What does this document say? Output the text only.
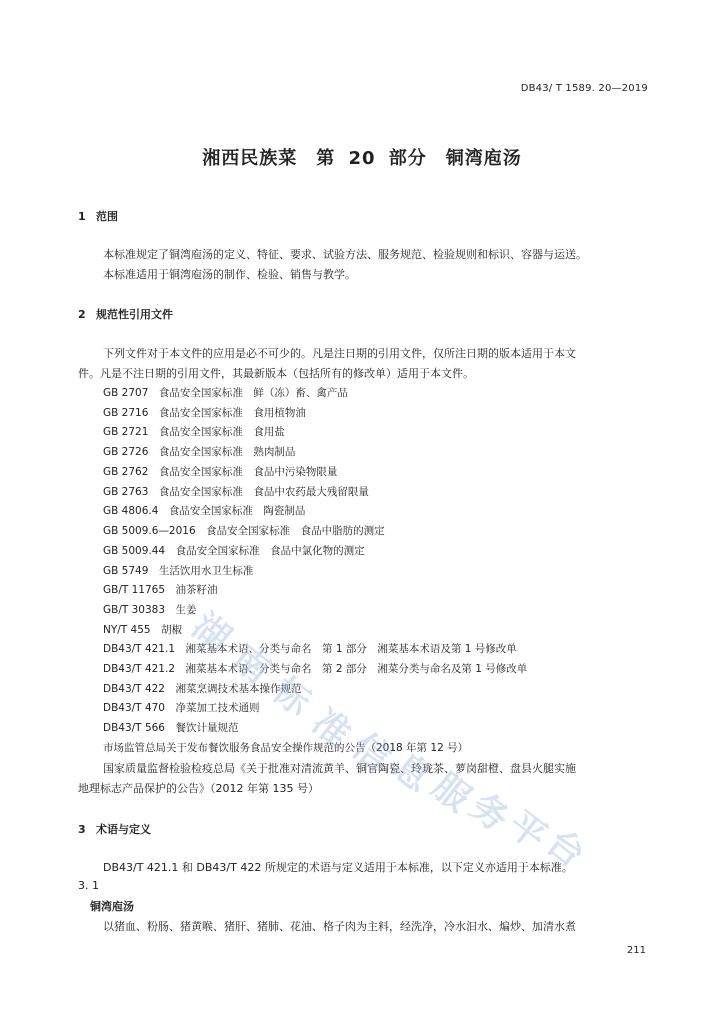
DB43/ T 1589. 20—2019
湘西民族菜　第 20 部分　铜湾庖汤
1 范围
本标准规定了铜湾庖汤的定义、特征、要求、试验方法、服务规范、检验规则和标识、容器与运送。
本标准适用于铜湾庖汤的制作、检验、销售与教学。
2 规范性引用文件
下列文件对于本文件的应用是必不可少的。凡是注日期的引用文件，仅所注日期的版本适用于本文
件。凡是不注日期的引用文件，其最新版本（包括所有的修改单）适用于本文件。
GB 2707　食品安全国家标准　鲜（冻）畜、禽产品
GB 2716　食品安全国家标准　食用植物油
GB 2721　食品安全国家标准　食用盐
GB 2726　食品安全国家标准　熟肉制品
GB 2762　食品安全国家标准　食品中污染物限量
GB 2763　食品安全国家标准　食品中农药最大残留限量
GB 4806.4　食品安全国家标准　陶瓷制品
GB 5009.6—2016　食品安全国家标准　食品中脂肪的测定
GB 5009.44　食品安全国家标准　食品中氯化物的测定
GB 5749　生活饮用水卫生标准
GB/T 11765　油茶籽油
GB/T 30383　生姜
NY/T 455　胡椒
DB43/T 421.1　湘菜基本术语、分类与命名　第 1 部分　湘菜基本术语及第 1 号修改单
DB43/T 421.2　湘菜基本术语、分类与命名　第 2 部分　湘菜分类与命名及第 1 号修改单
DB43/T 422　湘菜烹调技术基本操作规范
DB43/T 470　净菜加工技术通则
DB43/T 566　餐饮计量规范
市场监管总局关于发布餐饮服务食品安全操作规范的公告（2018 年第 12 号）
国家质量监督检验检疫总局《关于批准对清流黄羊、铜官陶瓷、玲珑茶、萝岗甜橙、盘县火腿实施
地理标志产品保护的公告》（2012 年第 135 号）
3 术语与定义
DB43/T 421.1 和 DB43/T 422 所规定的术语与定义适用于本标准，以下定义亦适用于本标准。
3. 1
铜湾庖汤
以猪血、粉肠、猪黄喉、猪肝、猪肺、花油、格子肉为主料，经洗净，冷水汩水、煸炒、加清水煮
211
湖
南
标
准
信
息
服
务
平
台
